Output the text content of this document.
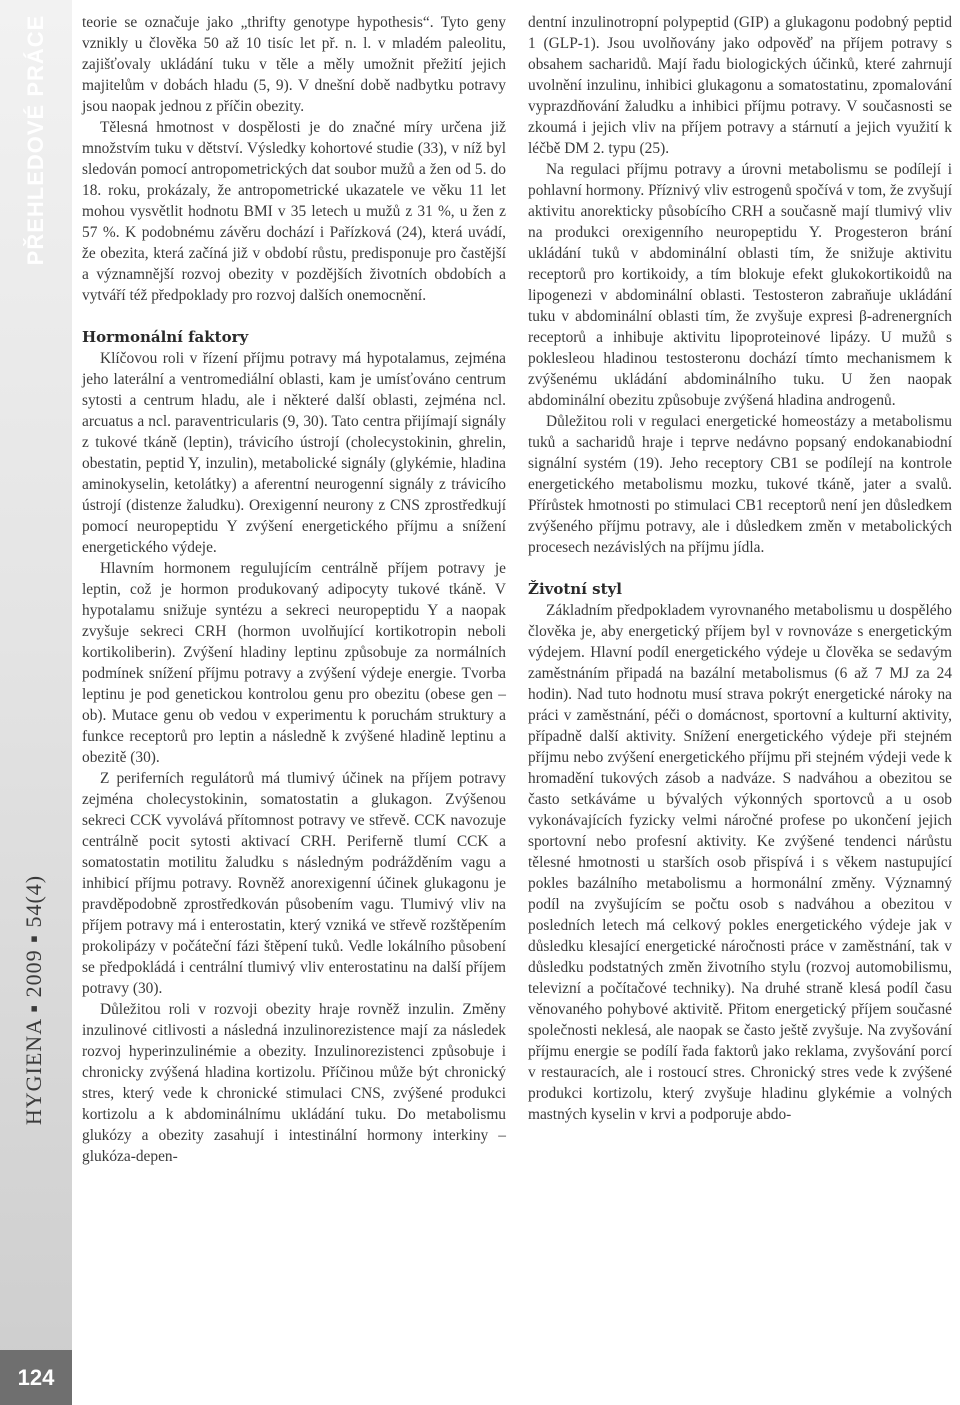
PŘEHLEDOVÉ PRÁCE
HYGIENA ▪ 2009 ▪ 54(4)
124

teorie se označuje jako „thrifty genotype hypothesis“. Tyto geny vznikly u člověka 50 až 10 tisíc let př. n. l. v mladém paleolitu, zajišťovaly ukládání tuku v těle a měly umožnit přežití jejich majitelům v dobách hladu (5, 9). V dnešní době nadbytku potravy jsou naopak jednou z příčin obezity.

Tělesná hmotnost v dospělosti je do značné míry určena již množstvím tuku v dětství. Výsledky kohortové studie (33), v níž byl sledován pomocí antropometrických dat soubor mužů a žen od 5. do 18. roku, prokázaly, že antropometrické ukazatele ve věku 11 let mohou vysvětlit hodnotu BMI v 35 letech u mužů z 31 %, u žen z 57 %. K podobnému závěru dochází i Pařízková (24), která uvádí, že obezita, která začíná již v období růstu, predisponuje pro častější a významnější rozvoj obezity v pozdějších životních obdobích a vytváří též předpoklady pro rozvoj dalších onemocnění.

Hormonální faktory

Klíčovou roli v řízení příjmu potravy má hypotalamus, zejména jeho laterální a ventromediální oblasti, kam je umísťováno centrum sytosti a centrum hladu, ale i některé další oblasti, zejména ncl. arcuatus a ncl. paraventricularis (9, 30). Tato centra přijímají signály z tukové tkáně (leptin), trávicího ústrojí (cholecystokinin, ghrelin, obestatin, peptid Y, inzulin), metabolické signály (glykémie, hladina aminokyselin, ketolátky) a aferentní neurogenní signály z trávicího ústrojí (distenze žaludku). Orexigenní neurony z CNS zprostředkují pomocí neuropeptidu Y zvýšení energetického příjmu a snížení energetického výdeje.

Hlavním hormonem regulujícím centrálně příjem potravy je leptin, což je hormon produkovaný adipocyty tukové tkáně. V hypotalamu snižuje syntézu a sekreci neuropeptidu Y a naopak zvyšuje sekreci CRH (hormon uvolňující kortikotropin neboli kortikoliberin). Zvýšení hladiny leptinu způsobuje za normálních podmínek snížení příjmu potravy a zvýšení výdeje energie. Tvorba leptinu je pod genetickou kontrolou genu pro obezitu (obese gen – ob). Mutace genu ob vedou v experimentu k poruchám struktury a funkce receptorů pro leptin a následně k zvýšené hladině leptinu a obezitě (30).

Z periferních regulátorů má tlumivý účinek na příjem potravy zejména cholecystokinin, somatostatin a glukagon. Zvýšenou sekreci CCK vyvolává přítomnost potravy ve střevě. CCK navozuje centrálně pocit sytosti aktivací CRH. Periferně tlumí CCK a somatostatin motilitu žaludku s následným podrážděním vagu a inhibicí příjmu potravy. Rovněž anorexigenní účinek glukagonu je pravděpodobně zprostředkován působením vagu. Tlumivý vliv na příjem potravy má i enterostatin, který vzniká ve střevě rozštěpením prokolipázy v počáteční fázi štěpení tuků. Vedle lokálního působení se předpokládá i centrální tlumivý vliv enterostatinu na další příjem potravy (30).

Důležitou roli v rozvoji obezity hraje rovněž inzulin. Změny inzulinové citlivosti a následná inzulinorezistence mají za následek rozvoj hyperinzulinémie a obezity. Inzulinorezistenci způsobuje i chronicky zvýšená hladina kortizolu. Příčinou může být chronický stres, který vede k chronické stimulaci CNS, zvýšené produkci kortizolu a k abdominálnímu ukládání tuku. Do metabolismu glukózy a obezity zasahují i intestinální hormony interkiny – glukóza-depen-

dentní inzulinotropní polypeptid (GIP) a glukagonu podobný peptid 1 (GLP-1). Jsou uvolňovány jako odpověď na příjem potravy s obsahem sacharidů. Mají řadu biologických účinků, které zahrnují uvolnění inzulinu, inhibici glukagonu a somatostatinu, zpomalování vyprazdňování žaludku a inhibici příjmu potravy. V současnosti se zkoumá i jejich vliv na příjem potravy a stárnutí a jejich využití k léčbě DM 2. typu (25).

Na regulaci příjmu potravy a úrovni metabolismu se podílejí i pohlavní hormony. Příznivý vliv estrogenů spočívá v tom, že zvyšují aktivitu anorekticky působícího CRH a současně mají tlumivý vliv na produkci orexigenního neuropeptidu Y. Progesteron brání ukládání tuků v abdominální oblasti tím, že snižuje aktivitu receptorů pro kortikoidy, a tím blokuje efekt glukokortikoidů na lipogenezi v abdominální oblasti. Testosteron zabraňuje ukládání tuku v abdominální oblasti tím, že zvyšuje expresi β-adrenergních receptorů a inhibuje aktivitu lipoproteinové lipázy. U mužů s poklesleou hladinou testosteronu dochází tímto mechanismem k zvýšenému ukládání abdominálního tuku. U žen naopak abdominální obezitu způsobuje zvýšená hladina androgenů.

Důležitou roli v regulaci energetické homeostázy a metabolismu tuků a sacharidů hraje i teprve nedávno popsaný endokanabiodní signální systém (19). Jeho receptory CB1 se podílejí na kontrole energetického metabolismu mozku, tukové tkáně, jater a svalů. Přírůstek hmotnosti po stimulaci CB1 receptorů není jen důsledkem zvýšeného příjmu potravy, ale i důsledkem změn v metabolických procesech nezávislých na příjmu jídla.

Životní styl

Základním předpokladem vyrovnaného metabolismu u dospělého člověka je, aby energetický příjem byl v rovnováze s energetickým výdejem. Hlavní podíl energetického výdeje u člověka se sedavým zaměstnáním připadá na bazální metabolismus (6 až 7 MJ za 24 hodin). Nad tuto hodnotu musí strava pokrýt energetické nároky na práci v zaměstnání, péči o domácnost, sportovní a kulturní aktivity, případně další aktivity. Snížení energetického výdeje při stejném příjmu nebo zvýšení energetického příjmu při stejném výdeji vede k hromadění tukových zásob a nadváze. S nadváhou a obezitou se často setkáváme u bývalých výkonných sportovců a u osob vykonávajících fyzicky velmi náročné profese po ukončení jejich sportovní nebo profesní aktivity. Ke zvýšené tendenci nárůstu tělesné hmotnosti u starších osob přispívá i s věkem nastupující pokles bazálního metabolismu a hormonální změny. Významný podíl na zvyšujícím se počtu osob s nadváhou a obezitou v posledních letech má celkový pokles energetického výdeje jak v důsledku klesající energetické náročnosti práce v zaměstnání, tak v důsledku podstatných změn životního stylu (rozvoj automobilismu, televizní a počítačové techniky). Na druhé straně klesá podíl času věnovaného pohybové aktivitě. Přitom energetický příjem současné společnosti neklesá, ale naopak se často ještě zvyšuje. Na zvyšování příjmu energie se podílí řada faktorů jako reklama, zvyšování porcí v restauracích, ale i rostoucí stres. Chronický stres vede k zvýšené produkci kortizolu, který zvyšuje hladinu glykémie a volných mastných kyselin v krvi a podporuje abdo-
